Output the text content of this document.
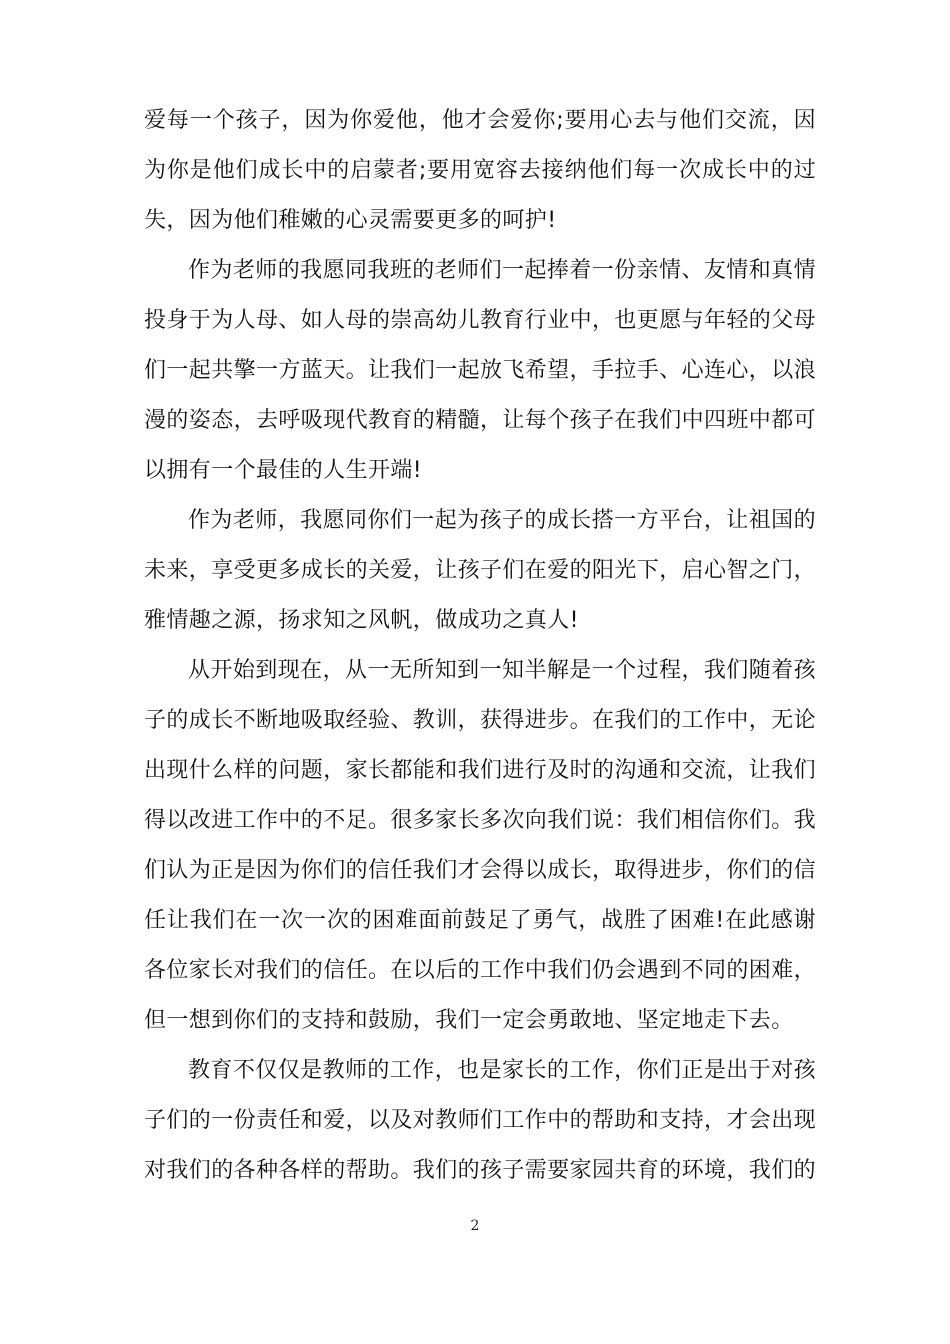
爱每一个孩子，因为你爱他，他才会爱你;要用心去与他们交流，因为你是他们成长中的启蒙者;要用宽容去接纳他们每一次成长中的过失，因为他们稚嫩的心灵需要更多的呵护!

作为老师的我愿同我班的老师们一起捧着一份亲情、友情和真情投身于为人母、如人母的崇高幼儿教育行业中，也更愿与年轻的父母们一起共擎一方蓝天。让我们一起放飞希望，手拉手、心连心，以浪漫的姿态，去呼吸现代教育的精髓，让每个孩子在我们中四班中都可以拥有一个最佳的人生开端!

作为老师，我愿同你们一起为孩子的成长搭一方平台，让祖国的未来，享受更多成长的关爱，让孩子们在爱的阳光下，启心智之门，雅情趣之源，扬求知之风帆，做成功之真人!

从开始到现在，从一无所知到一知半解是一个过程，我们随着孩子的成长不断地吸取经验、教训，获得进步。在我们的工作中，无论出现什么样的问题，家长都能和我们进行及时的沟通和交流，让我们得以改进工作中的不足。很多家长多次向我们说：我们相信你们。我们认为正是因为你们的信任我们才会得以成长，取得进步，你们的信任让我们在一次一次的困难面前鼓足了勇气，战胜了困难!在此感谢各位家长对我们的信任。在以后的工作中我们仍会遇到不同的困难，但一想到你们的支持和鼓励，我们一定会勇敢地、坚定地走下去。

教育不仅仅是教师的工作，也是家长的工作，你们正是出于对孩子们的一份责任和爱，以及对教师们工作中的帮助和支持，才会出现对我们的各种各样的帮助。我们的孩子需要家园共育的环境，我们的

2
